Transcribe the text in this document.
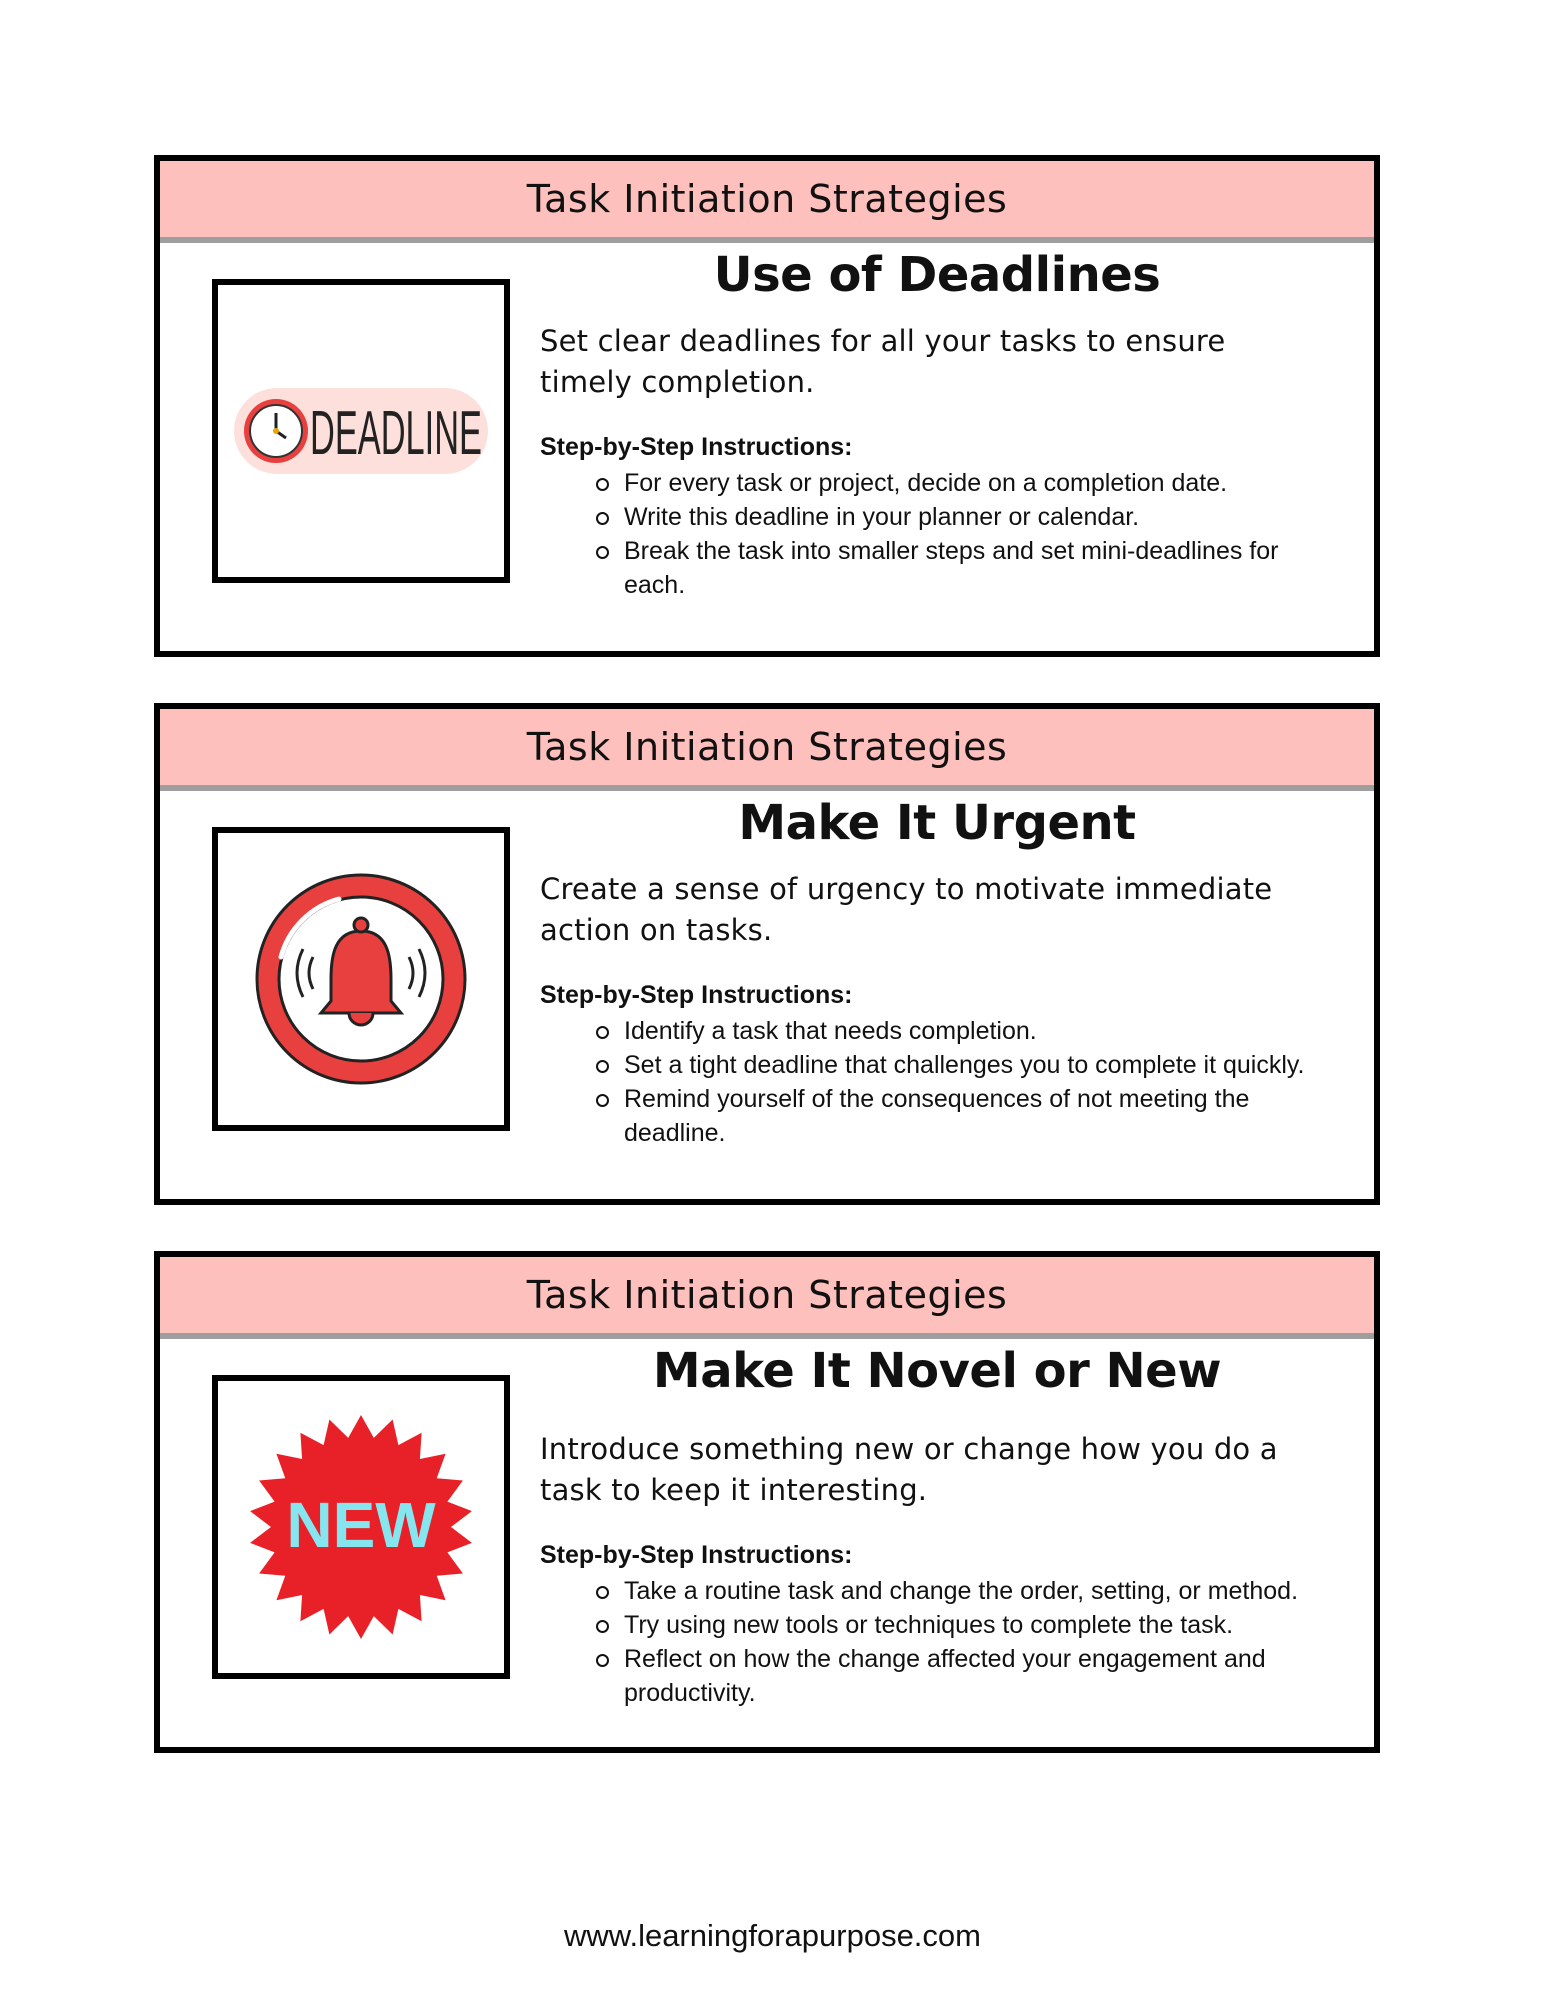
Task Initiation Strategies
DEADLINE
Use of Deadlines
Set clear deadlines for all your tasks to ensure timely completion.
Step-by-Step Instructions:
For every task or project, decide on a completion date.
Write this deadline in your planner or calendar.
Break the task into smaller steps and set mini-deadlines for each.
Task Initiation Strategies
Make It Urgent
Create a sense of urgency to motivate immediate action on tasks.
Step-by-Step Instructions:
Identify a task that needs completion.
Set a tight deadline that challenges you to complete it quickly.
Remind yourself of the consequences of not meeting the deadline.
Task Initiation Strategies
NEW
Make It Novel or New
Introduce something new or change how you do a task to keep it interesting.
Step-by-Step Instructions:
Take a routine task and change the order, setting, or method.
Try using new tools or techniques to complete the task.
Reflect on how the change affected your engagement and productivity.
www.learningforapurpose.com
